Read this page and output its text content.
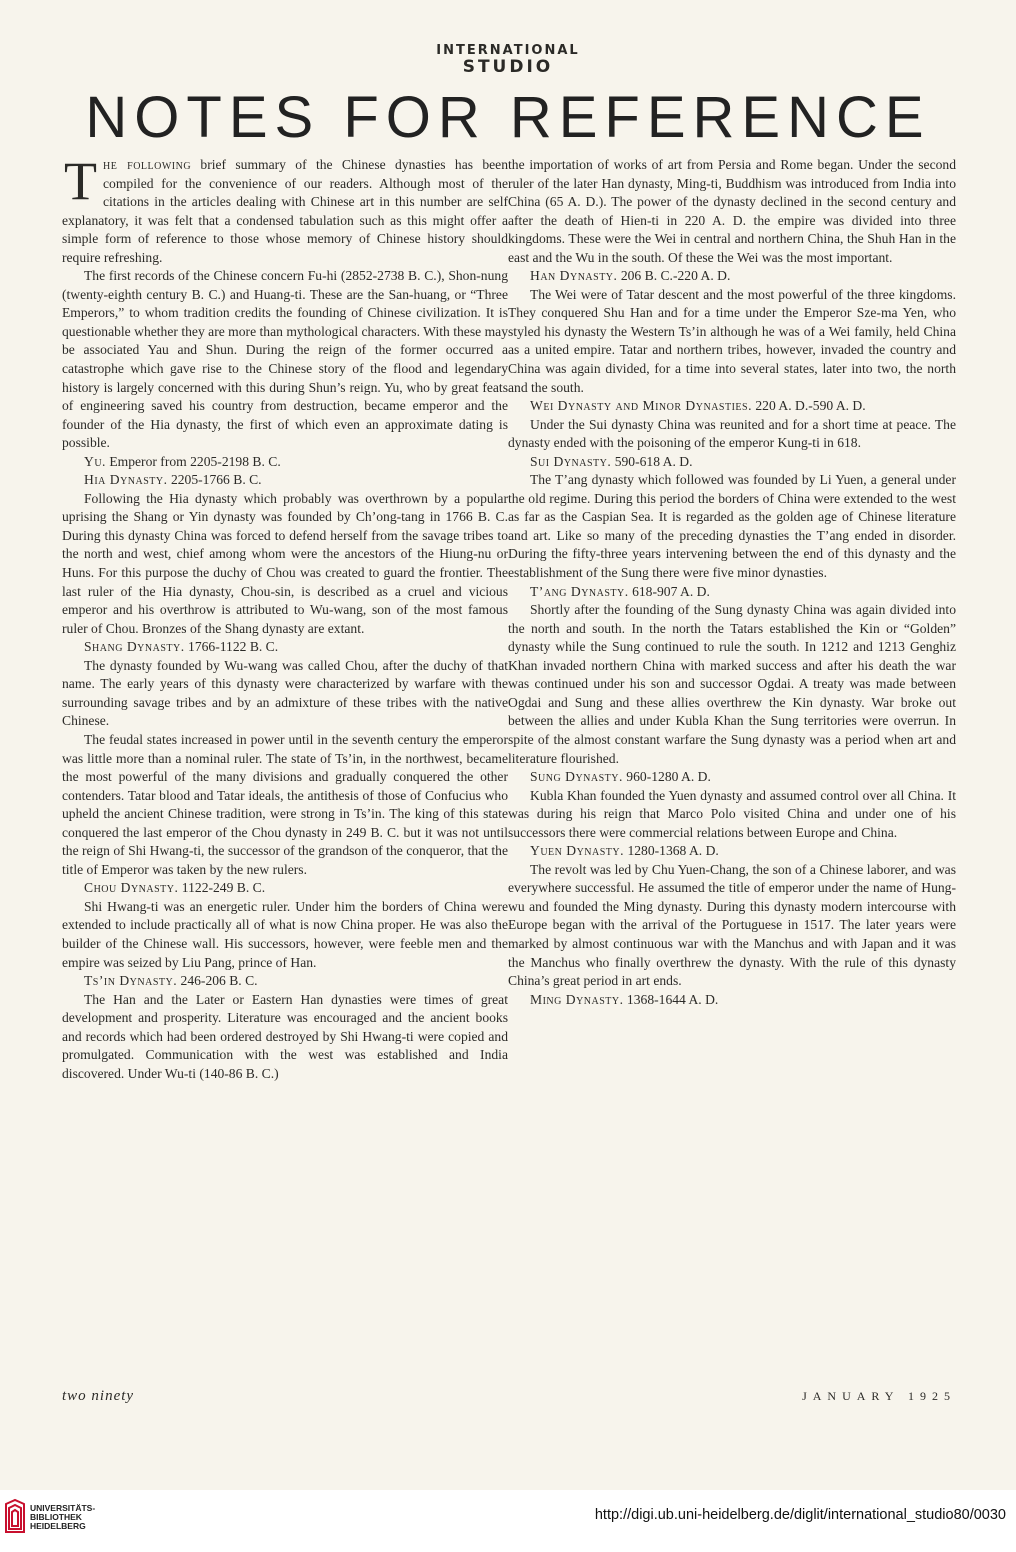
INTERNATIONAL
STUDIO
NOTES FOR REFERENCE

The following brief summary of the Chinese dynasties has been compiled for the convenience of our readers. Although most of the citations in the articles dealing with Chinese art in this number are self explanatory, it was felt that a condensed tabulation such as this might offer a simple form of reference to those whose memory of Chinese history should require refreshing.

The first records of the Chinese concern Fu-hi (2852-2738 B. C.), Shon-nung (twenty-eighth century B. C.) and Huang-ti. These are the San-huang, or “Three Emperors,” to whom tradition credits the founding of Chinese civilization. It is questionable whether they are more than mythological characters. With these may be associated Yau and Shun. During the reign of the former occurred a catastrophe which gave rise to the Chinese story of the flood and legendary history is largely concerned with this during Shun’s reign. Yu, who by great feats of engineering saved his country from destruction, became emperor and the founder of the Hia dynasty, the first of which even an approximate dating is possible.

Yu. Emperor from 2205-2198 B. C.

Hia Dynasty. 2205-1766 B. C.

Following the Hia dynasty which probably was overthrown by a popular uprising the Shang or Yin dynasty was founded by Ch’ong-tang in 1766 B. C. During this dynasty China was forced to defend herself from the savage tribes to the north and west, chief among whom were the ancestors of the Hiung-nu or Huns. For this purpose the duchy of Chou was created to guard the frontier. The last ruler of the Hia dynasty, Chou-sin, is described as a cruel and vicious emperor and his overthrow is attributed to Wu-wang, son of the most famous ruler of Chou. Bronzes of the Shang dynasty are extant.

Shang Dynasty. 1766-1122 B. C.

The dynasty founded by Wu-wang was called Chou, after the duchy of that name. The early years of this dynasty were characterized by warfare with the surrounding savage tribes and by an admixture of these tribes with the native Chinese.

The feudal states increased in power until in the seventh century the emperor was little more than a nominal ruler. The state of Ts’in, in the northwest, became the most powerful of the many divisions and gradually conquered the other contenders. Tatar blood and Tatar ideals, the antithesis of those of Confucius who upheld the ancient Chinese tradition, were strong in Ts’in. The king of this state conquered the last emperor of the Chou dynasty in 249 B. C. but it was not until the reign of Shi Hwang-ti, the successor of the grandson of the conqueror, that the title of Emperor was taken by the new rulers.

Chou Dynasty. 1122-249 B. C.

Shi Hwang-ti was an energetic ruler. Under him the borders of China were extended to include practically all of what is now China proper. He was also the builder of the Chinese wall. His successors, however, were feeble men and the empire was seized by Liu Pang, prince of Han.

Ts’in Dynasty. 246-206 B. C.

The Han and the Later or Eastern Han dynasties were times of great development and prosperity. Literature was encouraged and the ancient books and records which had been ordered destroyed by Shi Hwang-ti were copied and promulgated. Communication with the west was established and India discovered. Under Wu-ti (140-86 B. C.)

the importation of works of art from Persia and Rome began. Under the second ruler of the later Han dynasty, Ming-ti, Buddhism was introduced from India into China (65 A. D.). The power of the dynasty declined in the second century and after the death of Hien-ti in 220 A. D. the empire was divided into three kingdoms. These were the Wei in central and northern China, the Shuh Han in the east and the Wu in the south. Of these the Wei was the most important.

Han Dynasty. 206 B. C.-220 A. D.

The Wei were of Tatar descent and the most powerful of the three kingdoms. They conquered Shu Han and for a time under the Emperor Sze-ma Yen, who styled his dynasty the Western Ts’in although he was of a Wei family, held China as a united empire. Tatar and northern tribes, however, invaded the country and China was again divided, for a time into several states, later into two, the north and the south.

Wei Dynasty and Minor Dynasties. 220 A. D.-590 A. D.

Under the Sui dynasty China was reunited and for a short time at peace. The dynasty ended with the poisoning of the emperor Kung-ti in 618.

Sui Dynasty. 590-618 A. D.

The T’ang dynasty which followed was founded by Li Yuen, a general under the old regime. During this period the borders of China were extended to the west as far as the Caspian Sea. It is regarded as the golden age of Chinese literature and art. Like so many of the preceding dynasties the T’ang ended in disorder. During the fifty-three years intervening between the end of this dynasty and the establishment of the Sung there were five minor dynasties.

T’ang Dynasty. 618-907 A. D.

Shortly after the founding of the Sung dynasty China was again divided into the north and south. In the north the Tatars established the Kin or “Golden” dynasty while the Sung continued to rule the south. In 1212 and 1213 Genghiz Khan invaded northern China with marked success and after his death the war was continued under his son and successor Ogdai. A treaty was made between Ogdai and Sung and these allies overthrew the Kin dynasty. War broke out between the allies and under Kubla Khan the Sung territories were overrun. In spite of the almost constant warfare the Sung dynasty was a period when art and literature flourished.

Sung Dynasty. 960-1280 A. D.

Kubla Khan founded the Yuen dynasty and assumed control over all China. It was during his reign that Marco Polo visited China and under one of his successors there were commercial relations between Europe and China.

Yuen Dynasty. 1280-1368 A. D.

The revolt was led by Chu Yuen-Chang, the son of a Chinese laborer, and was everywhere successful. He assumed the title of emperor under the name of Hung-wu and founded the Ming dynasty. During this dynasty modern intercourse with Europe began with the arrival of the Portuguese in 1517. The later years were marked by almost continuous war with the Manchus and with Japan and it was the Manchus who finally overthrew the dynasty. With the rule of this dynasty China’s great period in art ends.

Ming Dynasty. 1368-1644 A. D.

two ninety	JANUARY 1925
UNIVERSITÄTS-
BIBLIOTHEK
HEIDELBERG
http://digi.ub.uni-heidelberg.de/diglit/international_studio80/0030
